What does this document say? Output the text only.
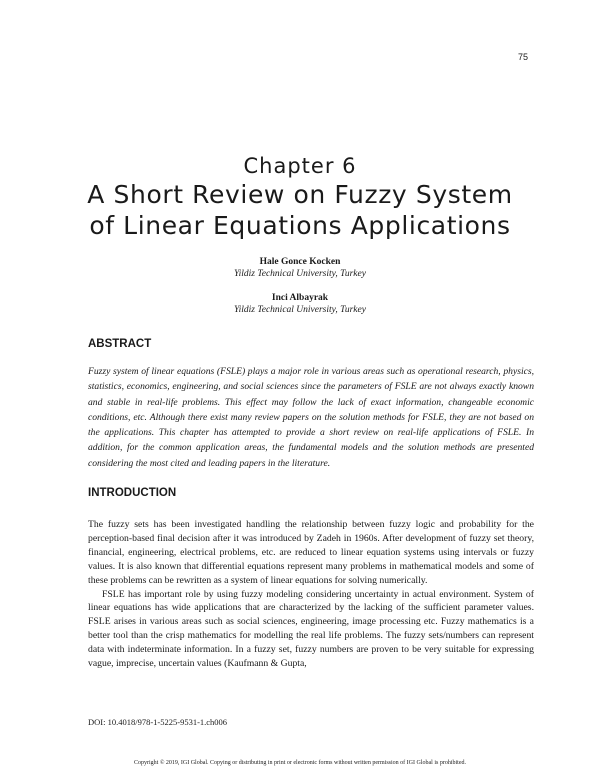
75
Chapter 6
A Short Review on Fuzzy System
of Linear Equations Applications
Hale Gonce Kocken
Yildiz Technical University, Turkey
Inci Albayrak
Yildiz Technical University, Turkey
ABSTRACT
Fuzzy system of linear equations (FSLE) plays a major role in various areas such as operational research, physics, statistics, economics, engineering, and social sciences since the parameters of FSLE are not always exactly known and stable in real-life problems. This effect may follow the lack of exact information, changeable economic conditions, etc. Although there exist many review papers on the solution methods for FSLE, they are not based on the applications. This chapter has attempted to provide a short review on real-life applications of FSLE. In addition, for the common application areas, the fundamental models and the solution methods are presented considering the most cited and leading papers in the literature.
INTRODUCTION

The fuzzy sets has been investigated handling the relationship between fuzzy logic and probability for the perception-based final decision after it was introduced by Zadeh in 1960s. After development of fuzzy set theory, financial, engineering, electrical problems, etc. are reduced to linear equation systems using intervals or fuzzy values. It is also known that differential equations represent many problems in mathematical models and some of these problems can be rewritten as a system of linear equations for solving numerically.

FSLE has important role by using fuzzy modeling considering uncertainty in actual environment. System of linear equations has wide applications that are characterized by the lacking of the sufficient parameter values. FSLE arises in various areas such as social sciences, engineering, image processing etc. Fuzzy mathematics is a better tool than the crisp mathematics for modelling the real life problems. The fuzzy sets/numbers can represent data with indeterminate information. In a fuzzy set, fuzzy numbers are proven to be very suitable for expressing vague, imprecise, uncertain values (Kaufmann & Gupta,

DOI: 10.4018/978-1-5225-9531-1.ch006
Copyright © 2019, IGI Global. Copying or distributing in print or electronic forms without written permission of IGI Global is prohibited.
